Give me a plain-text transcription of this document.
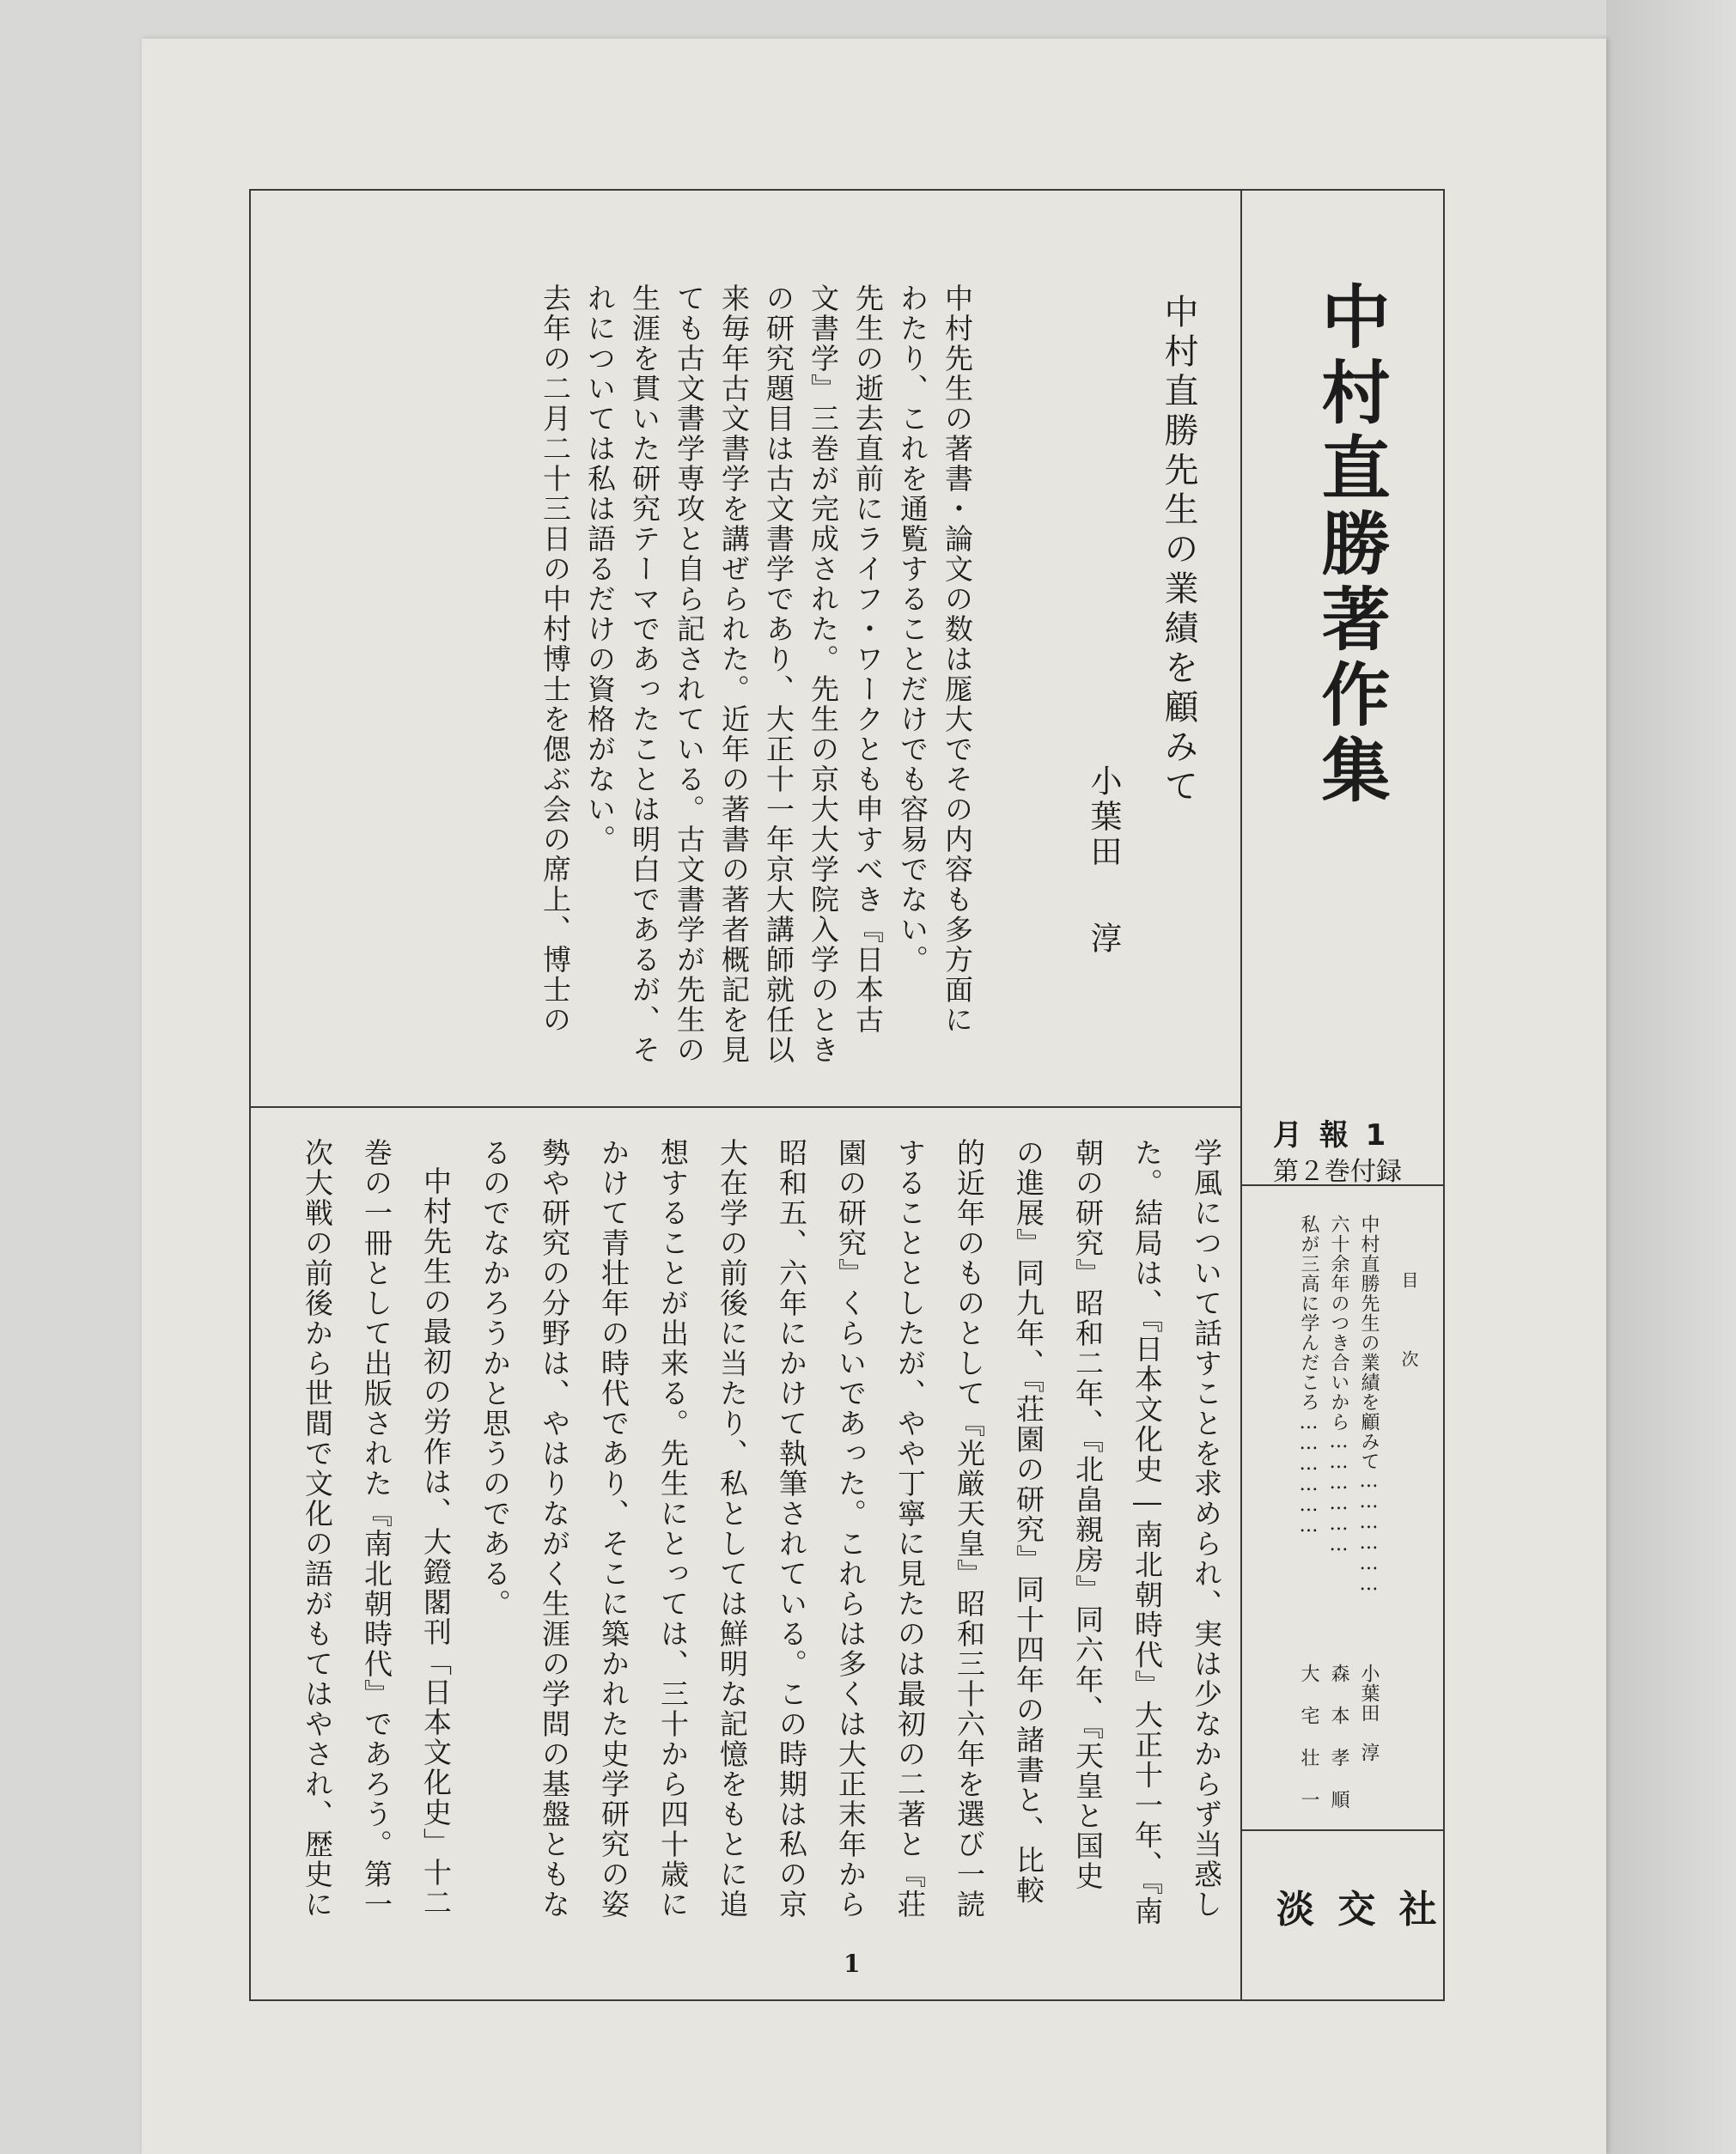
中村直勝著作集

月 報 1
第２巻付録

目 次

中村直勝先生の業績を顧みて

………………

小葉田　淳

六十余年のつき合いから

………………

森 本 孝 順

私が三高に学んだころ

………………

大 宅 壮 一

淡 交 社

中村直勝先生の業績を顧みて

小葉田淳

中村先生の著書・論文の数は厖大でその内容も多方面に

わたり、これを通覧することだけでも容易でない。

先生の逝去直前にライフ・ワークとも申すべき『日本古

文書学』三巻が完成された。先生の京大大学院入学のとき

の研究題目は古文書学であり、大正十一年京大講師就任以

来毎年古文書学を講ぜられた。近年の著書の著者概記を見

ても古文書学専攻と自ら記されている。古文書学が先生の

生涯を貫いた研究テーマであったことは明白であるが、そ

れについては私は語るだけの資格がない。

去年の二月二十三日の中村博士を偲ぶ会の席上、博士の

学風について話すことを求められ、実は少なからず当惑し

た。結局は、『日本文化史―南北朝時代』大正十一年、『南

朝の研究』昭和二年、『北畠親房』同六年、『天皇と国史

の進展』同九年、『荘園の研究』同十四年の諸書と、比較

的近年のものとして『光厳天皇』昭和三十六年を選び一読

することとしたが、やや丁寧に見たのは最初の二著と『荘

園の研究』くらいであった。これらは多くは大正末年から

昭和五、六年にかけて執筆されている。この時期は私の京

大在学の前後に当たり、私としては鮮明な記憶をもとに追

想することが出来る。先生にとっては、三十から四十歳に

かけて青壮年の時代であり、そこに築かれた史学研究の姿

勢や研究の分野は、やはりながく生涯の学問の基盤ともな

るのでなかろうかと思うのである。

中村先生の最初の労作は、大鐙閣刊「日本文化史」十二

巻の一冊として出版された『南北朝時代』であろう。第一

次大戦の前後から世間で文化の語がもてはやされ、歴史に

1
